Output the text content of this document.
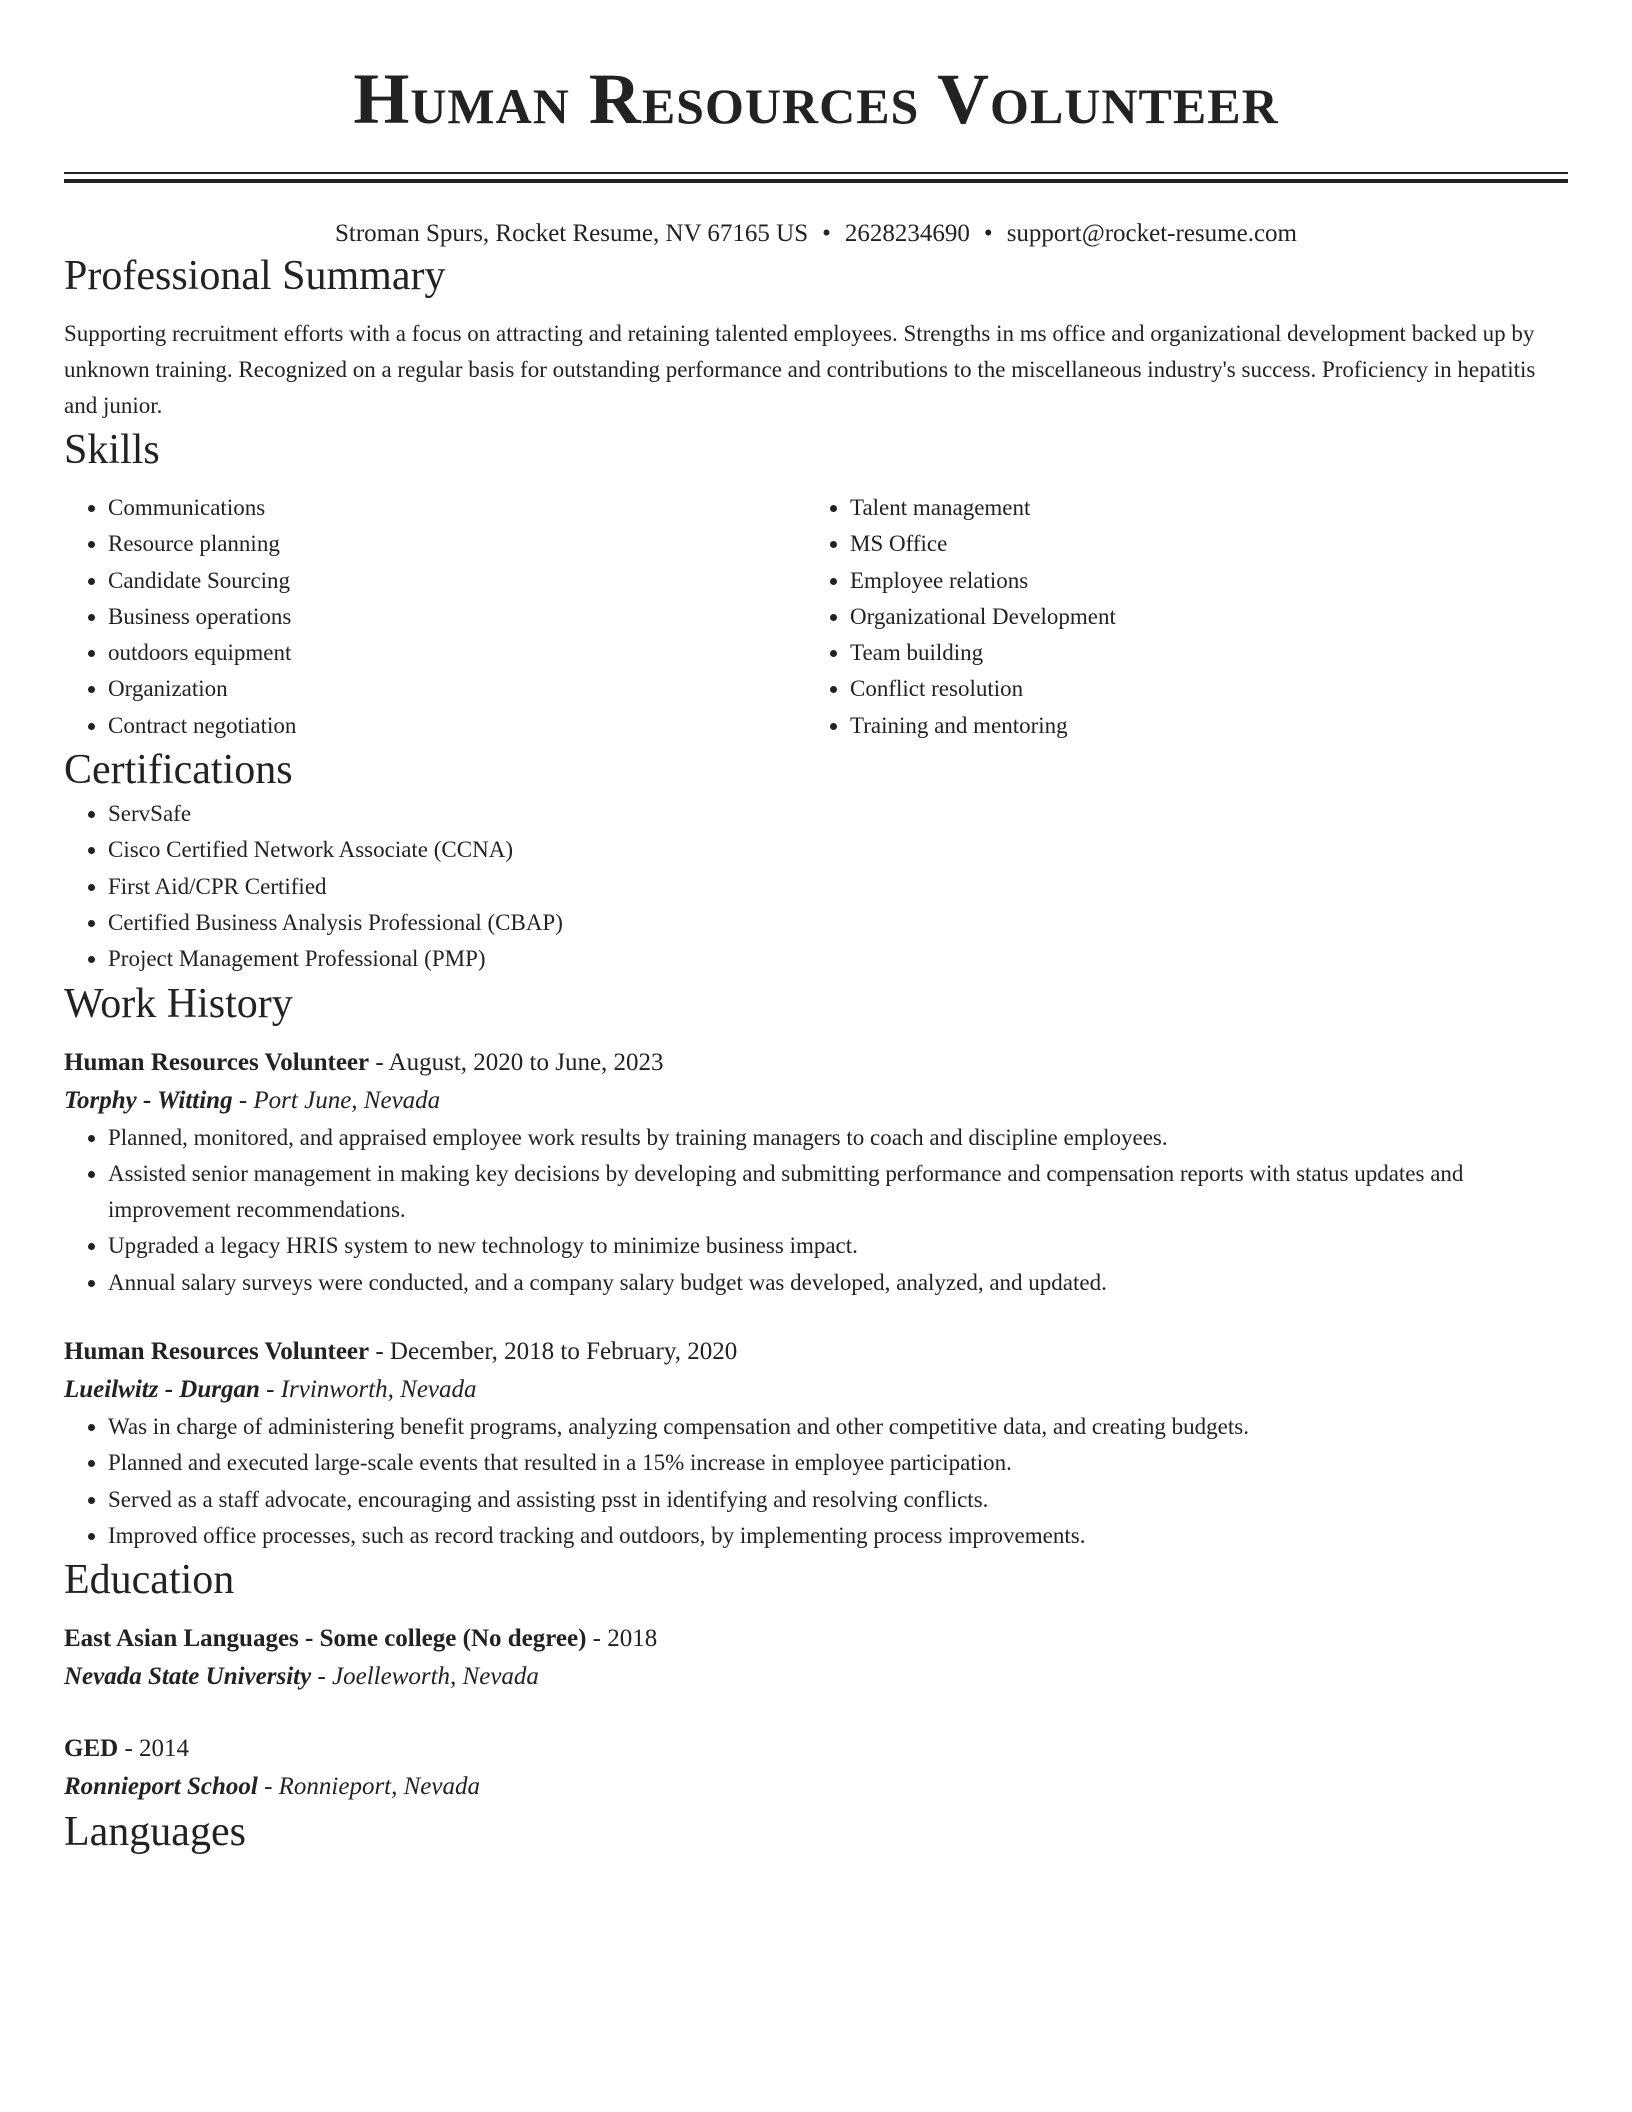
Human Resources Volunteer
Stroman Spurs, Rocket Resume, NV 67165 US • 2628234690 • support@rocket-resume.com
Professional Summary

Supporting recruitment efforts with a focus on attracting and retaining talented employees. Strengths in ms office and organizational development backed up by unknown training. Recognized on a regular basis for outstanding performance and contributions to the miscellaneous industry's success. Proficiency in hepatitis and junior.

Skills
• Communications
• Resource planning
• Candidate Sourcing
• Business operations
• outdoors equipment
• Organization
• Contract negotiation
• Talent management
• MS Office
• Employee relations
• Organizational Development
• Team building
• Conflict resolution
• Training and mentoring
Certifications
• ServSafe
• Cisco Certified Network Associate (CCNA)
• First Aid/CPR Certified
• Certified Business Analysis Professional (CBAP)
• Project Management Professional (PMP)
Work History
Human Resources Volunteer - August, 2020 to June, 2023
Torphy - Witting - Port June, Nevada
• Planned, monitored, and appraised employee work results by training managers to coach and discipline employees.
• Assisted senior management in making key decisions by developing and submitting performance and compensation reports with status updates and improvement recommendations.
• Upgraded a legacy HRIS system to new technology to minimize business impact.
• Annual salary surveys were conducted, and a company salary budget was developed, analyzed, and updated.
Human Resources Volunteer - December, 2018 to February, 2020
Lueilwitz - Durgan - Irvinworth, Nevada
• Was in charge of administering benefit programs, analyzing compensation and other competitive data, and creating budgets.
• Planned and executed large-scale events that resulted in a 15% increase in employee participation.
• Served as a staff advocate, encouraging and assisting psst in identifying and resolving conflicts.
• Improved office processes, such as record tracking and outdoors, by implementing process improvements.
Education
East Asian Languages - Some college (No degree) - 2018
Nevada State University - Joelleworth, Nevada
GED - 2014
Ronnieport School - Ronnieport, Nevada
Languages
